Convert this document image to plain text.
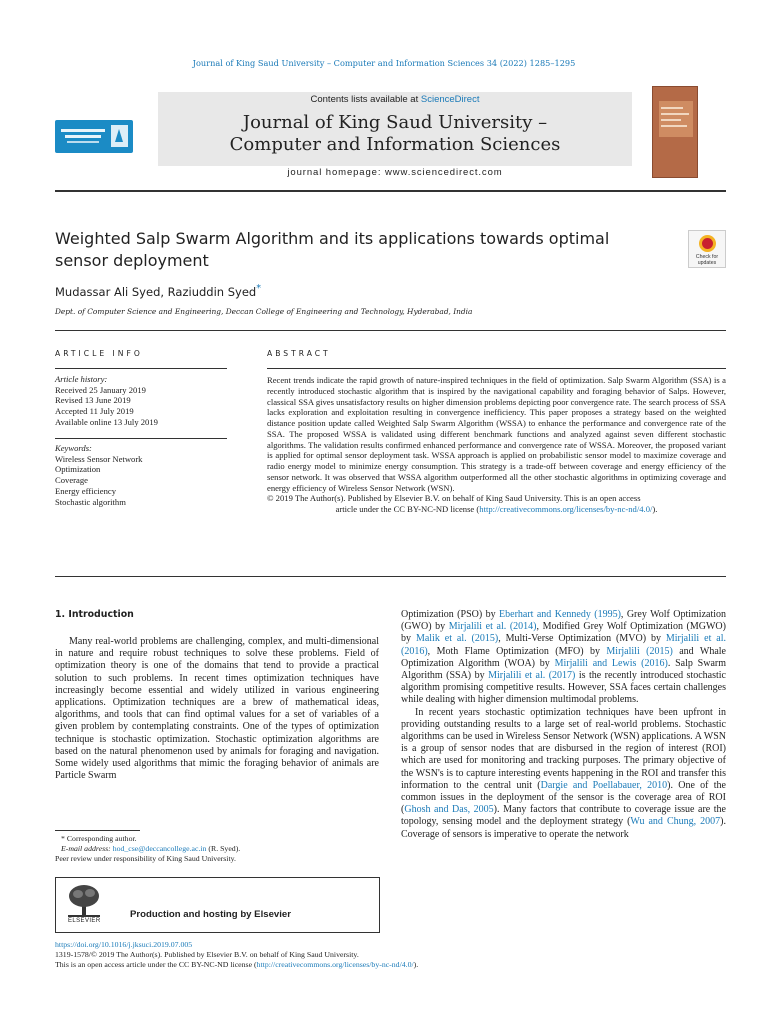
Journal of King Saud University – Computer and Information Sciences 34 (2022) 1285–1295
Contents lists available at ScienceDirect
Journal of King Saud University –
Computer and Information Sciences
journal homepage: www.sciencedirect.com
Weighted Salp Swarm Algorithm and its applications towards optimal
sensor deployment	Check for
updates
Mudassar Ali Syed, Raziuddin Syed*
Dept. of Computer Science and Engineering, Deccan College of Engineering and Technology, Hyderabad, India
ARTICLE INFO
Article history:
Received 25 January 2019
Revised 13 June 2019
Accepted 11 July 2019
Available online 13 July 2019
Keywords:
Wireless Sensor Network
Optimization
Coverage
Energy efficiency
Stochastic algorithm
ABSTRACT
Recent trends indicate the rapid growth of nature-inspired techniques in the field of optimization. Salp Swarm Algorithm (SSA) is a recently introduced stochastic algorithm that is inspired by the navigational capability and foraging behavior of Salps. However, classical SSA gives unsatisfactory results on higher dimension problems depicting poor convergence rate. The search process of SSA lacks exploration and exploitation resulting in convergence inefficiency. This paper proposes a strategy based on the weighted distance position update called Weighted Salp Swarm Algorithm (WSSA) to enhance the performance and convergence rate of the SSA. The proposed WSSA is validated using different benchmark functions and analyzed against seven different stochastic algorithms. The validation results confirmed enhanced performance and convergence rate of WSSA. Moreover, the proposed variant is applied for optimal sensor deployment task. WSSA approach is applied on probabilistic sensor model to maximize coverage and radio energy model to minimize energy consumption. This strategy is a trade-off between coverage and energy efficiency of the sensor network. It was observed that WSSA algorithm outperformed all the other stochastic algorithms in optimizing coverage and energy efficiency of Wireless Sensor Network (WSN).
© 2019 The Author(s). Published by Elsevier B.V. on behalf of King Saud University. This is an open access
article under the CC BY-NC-ND license (http://creativecommons.org/licenses/by-nc-nd/4.0/).
1. Introduction

Many real-world problems are challenging, complex, and multi-dimensional in nature and require robust techniques to solve these problems. Field of optimization theory is one of the domains that tend to provide a practical solution to such problems. In recent times optimization techniques have increasingly become essential and widely utilized in various engineering applications. Optimization techniques are a brew of mathematical ideas, algorithms, and tools that can find optimal values for a set of variables of a given problem by contemplating constraints. One of the types of optimization technique is stochastic optimization. Stochastic optimization algorithms are based on the natural phenomenon used by animals for foraging and navigation. Some widely used algorithms that mimic the foraging behavior of animals are Particle Swarm

Optimization (PSO) by Eberhart and Kennedy (1995), Grey Wolf Optimization (GWO) by Mirjalili et al. (2014), Modified Grey Wolf Optimization (MGWO) by Malik et al. (2015), Multi-Verse Optimization (MVO) by Mirjalili et al. (2016), Moth Flame Optimization (MFO) by Mirjalili (2015) and Whale Optimization Algorithm (WOA) by Mirjalili and Lewis (2016). Salp Swarm Algorithm (SSA) by Mirjalili et al. (2017) is the recently introduced stochastic algorithm promising competitive results. However, SSA faces certain challenges while dealing with higher dimension multimodal problems.

In recent years stochastic optimization techniques have been upfront in providing outstanding results to a large set of real-world problems. Stochastic algorithms can be used in Wireless Sensor Network (WSN) applications. A WSN is a group of sensor nodes that are disbursed in the region of interest (ROI) which are used for monitoring and tracking purposes. The primary objective of the WSN's is to capture interesting events happening in the ROI and transfer this information to the central unit (Dargie and Poellabauer, 2010). One of the common issues in the deployment of the sensor is the coverage area of ROI (Ghosh and Das, 2005). Many factors that contribute to coverage issue are the topology, sensing model and the deployment strategy (Wu and Chung, 2007). Coverage of sensors is imperative to operate the network

* Corresponding author.
E-mail address: hod_cse@deccancollege.ac.in (R. Syed).
Peer review under responsibility of King Saud University.
ELSEVIER
Production and hosting by Elsevier
https://doi.org/10.1016/j.jksuci.2019.07.005
1319-1578/© 2019 The Author(s). Published by Elsevier B.V. on behalf of King Saud University.
This is an open access article under the CC BY-NC-ND license (http://creativecommons.org/licenses/by-nc-nd/4.0/).
